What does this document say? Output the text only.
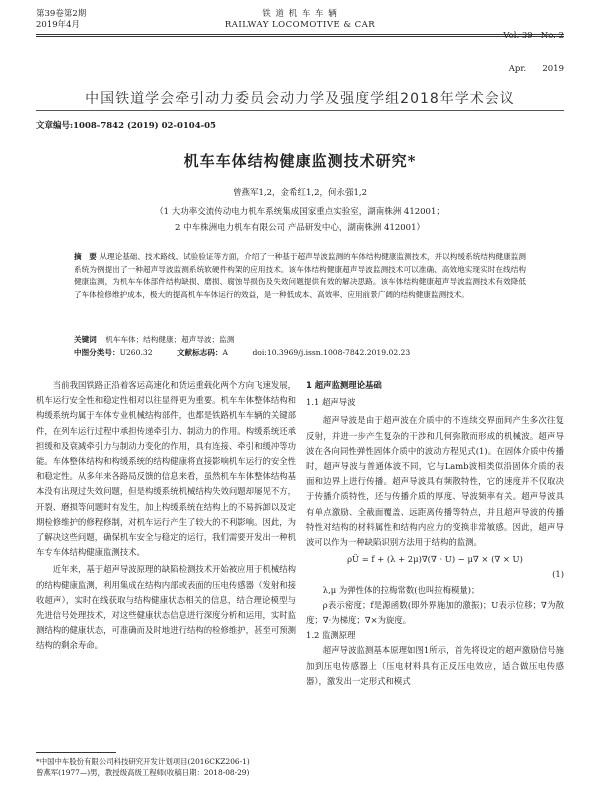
第39卷第2期
2019年4月
铁 道 机 车 车 辆
RAILWAY LOCOMOTIVE & CAR

Vol. 39   No. 2

Apr.      2019

中国铁道学会牵引动力委员会动力学及强度学组2018年学术会议
文章编号:1008-7842 (2019) 02-0104-05
机车车体结构健康监测技术研究*
曾燕军1,2，金希红1,2，何永强1,2
（1 大功率交流传动电力机车系统集成国家重点实验室，湖南株洲 412001；
2 中车株洲电力机车有限公司 产品研发中心，湖南株洲 412001）
摘　要 从理论基础、技术路线、试验验证等方面，介绍了一种基于超声导波监测的车体结构健康监测技术，并以构缓系统结构健康监测系统为例提出了一种超声导波监测系统软硬件构架的应用技术。该车体结构健康超声导波监测技术可以准确、高效地实现实时在线结构健康监测，为机车车体部件结构缺损、磨损、腐蚀导损伤及失效问题提供有效的解决思路。该车体结构健康超声导波监测技术有效降低了车体检修维护成本，极大的提高机车车体运行的效益，是一种低成本、高效率、应用前景广阔的结构健康监测技术。
关键词 机车车体；结构健康；超声导波；监测
中图分类号：U260.32	文献标志码：A	doi:10.3969/j.issn.1008-7842.2019.02.23

当前我国铁路正沿着客运高速化和货运重载化两个方向飞速发展，机车运行安全性和稳定性相对以往显得更为重要。机车车体整体结构和构缓系统均属于车体专业机械结构部件，也都是铁路机车车辆的关键部件，在列车运行过程中承担传递牵引力、制动力的作用。构缓系统还承担缓和及衰减牵引力与制动力变化的作用，具有连接、牵引和缓冲等功能。车体整体结构和构缓系统的结构健康将直接影响机车运行的安全性和稳定性。从多年来各路局反馈的信息来看，虽然机车车体整体结构基本没有出现过失效问题，但是构缓系统机械结构失效问题却屡见不方，开裂、磨损等问题时有发生，加上构缓系统在结构上的不易拆卸以及定期检修维护的修程修制，对机车运行产生了较大的不利影响。因此，为了解决这些问题，确保机车安全与稳定的运行，我们需要开发出一种机车专车体结构健康监测技术。

近年来，基于超声导波原理的缺陷检测技术开始被应用于机械结构的结构健康监测，利用集成在结构内部或表面的压电传感器（发射和接收超声），实时在线获取与结构健康状态相关的信息，结合理论模型与先进信号处理技术，对这些健康状态信息进行深度分析和运用，实时监测结构的健康状态，可准确而及时地进行结构的检修维护，甚至可预测结构的剩余寿命。

*中国中车股份有限公司科技研究开发计划项目(2016CKZ206-1)
曾燕军(1977—)男，教授级高级工程师(收稿日期：2018-08-29)
1 超声监测理论基础
1.1 超声导波

超声导波是由于超声波在介质中的不连续交界面间产生多次往复反射，并进一步产生复杂的干涉和几何弥散而形成的机械波。超声导波在各向同性弹性固体介质中的波动方程见式(1)。在固体介质中传播时，超声导波与普通体波不同，它与Lamb波相类似沿固体介质的表面和边界上进行传播。超声导波具有频散特性，它的速度并不仅取决于传播介质特性，还与传播介质的厚度、导波频率有关。超声导波具有单点激励、全截面覆盖、远距离传播等特点，并且超声导波的传播特性对结构的材料属性和结构内应力的变换非常敏感。因此，超声导波可以作为一种缺陷识别方法用于结构的监测。

ρÜ = f + (λ + 2μ)∇(∇ · U) − μ∇ × (∇ × U)
(1)

λ,μ 为弹性体的拉梅常数(也叫拉梅模量)；

ρ表示密度；f是源函数(即外界施加的激振)；U表示位移；∇为散度；∇·为梯度；∇×为旋度。

1.2 监测原理

超声导波监测基本原理如图1所示，首先将设定的超声激励信号施加到压电传感器上（压电材料具有正反压电效应，适合做压电传感器），激发出一定形式和模式
